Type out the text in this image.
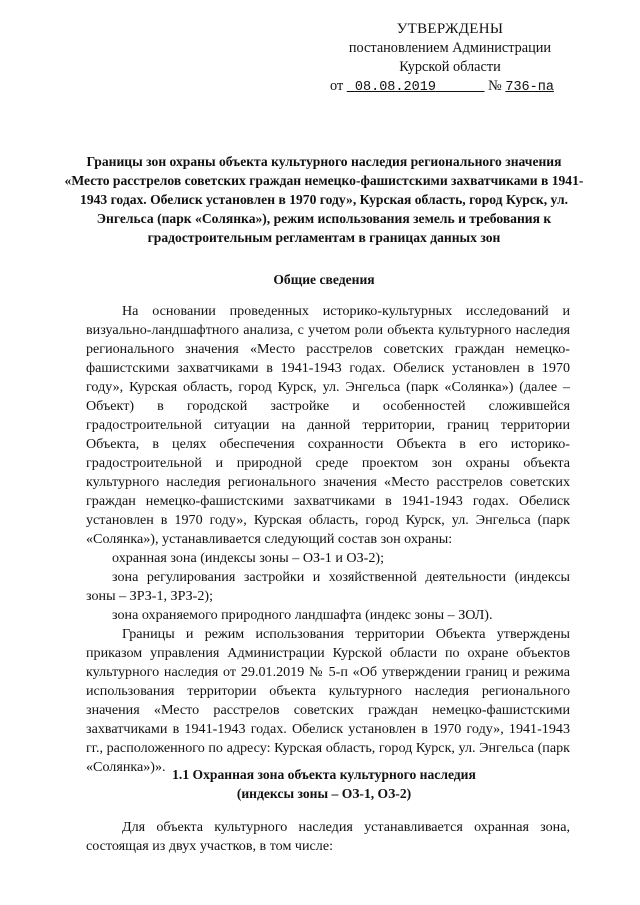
УТВЕРЖДЕНЫ
постановлением Администрации
Курской области
от 08.08.2019	№ 736-па
Границы зон охраны объекта культурного наследия регионального значения «Место расстрелов советских граждан немецко-фашистскими захватчиками в 1941-1943 годах. Обелиск установлен в 1970 году», Курская область, город Курск, ул. Энгельса (парк «Солянка»), режим использования земель и требования к градостроительным регламентам в границах данных зон
Общие сведения

На основании проведенных историко-культурных исследований и визуально-ландшафтного анализа, с учетом роли объекта культурного наследия регионального значения «Место расстрелов советских граждан немецко-фашистскими захватчиками в 1941-1943 годах. Обелиск установлен в 1970 году», Курская область, город Курск, ул. Энгельса (парк «Солянка») (далее – Объект) в городской застройке и особенностей сложившейся градостроительной ситуации на данной территории, границ территории Объекта, в целях обеспечения сохранности Объекта в его историко-градостроительной и природной среде проектом зон охраны объекта культурного наследия регионального значения «Место расстрелов советских граждан немецко-фашистскими захватчиками в 1941-1943 годах. Обелиск установлен в 1970 году», Курская область, город Курск, ул. Энгельса (парк «Солянка»), устанавливается следующий состав зон охраны:

охранная зона (индексы зоны – ОЗ-1 и ОЗ-2);

зона регулирования застройки и хозяйственной деятельности (индексы зоны – ЗРЗ-1, ЗРЗ-2);

зона охраняемого природного ландшафта (индекс зоны – ЗОЛ).

Границы и режим использования территории Объекта утверждены приказом управления Администрации Курской области по охране объектов культурного наследия от 29.01.2019 № 5-п «Об утверждении границ и режима использования территории объекта культурного наследия регионального значения «Место расстрелов советских граждан немецко-фашистскими захватчиками в 1941-1943 годах. Обелиск установлен в 1970 году», 1941-1943 гг., расположенного по адресу: Курская область, город Курск, ул. Энгельса (парк «Солянка»)». 1.1 Охранная зона объекта культурного наследия
(индексы зоны – ОЗ-1, ОЗ-2)

Для объекта культурного наследия устанавливается охранная зона, состоящая из двух участков, в том числе:
